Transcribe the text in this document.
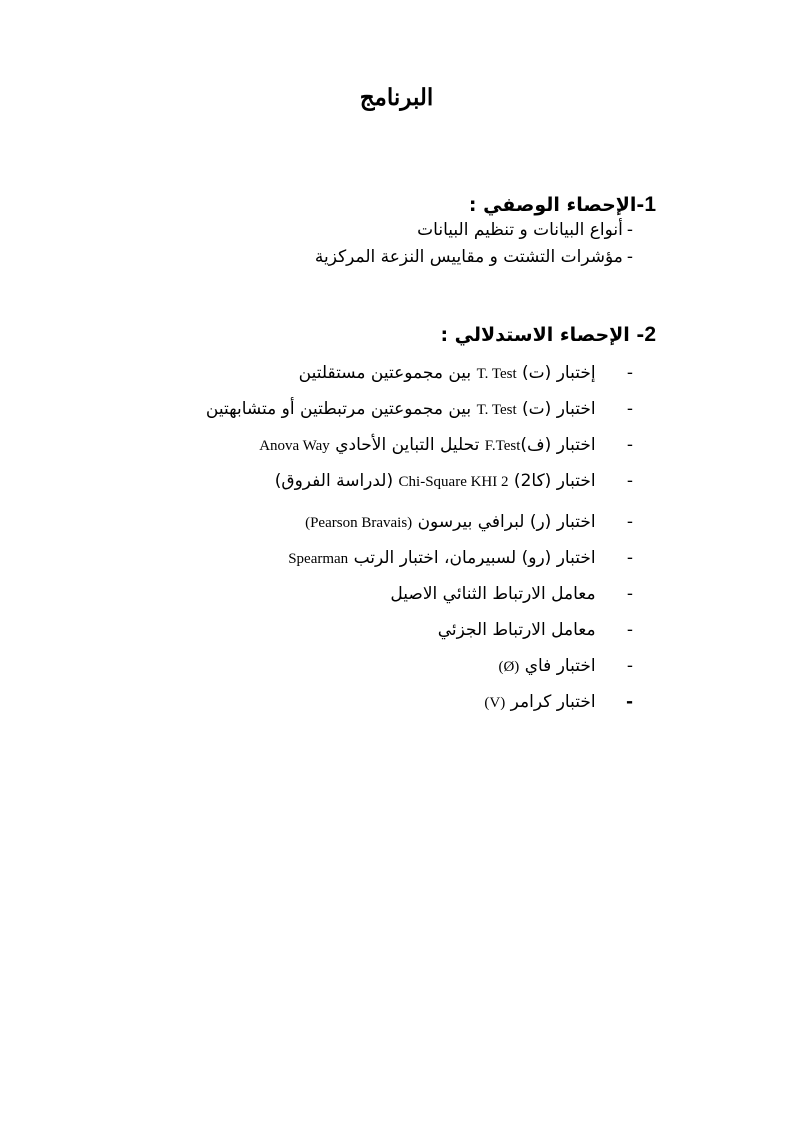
البرنامج
1-الإحصاء الوصفي :
-أنواع البيانات و تنظيم البيانات
-مؤشرات التشتت و مقاييس النزعة المركزية
2- الإحصاء الاستدلالي :
- إختبار (ت) T. Test بين مجموعتين مستقلتين
- اختبار (ت) T. Test بين مجموعتين مرتبطتين أو متشابهتين
- اختبار (ف)F.Test تحليل التباين الأحادي Anova Way
- اختبار (كا2) Chi-Square KHI 2 (لدراسة الفروق)
- اختبار (ر) لبرافي بيرسون (Pearson Bravais)
- اختبار (رو) لسبيرمان، اختبار الرتب Spearman
- معامل الارتباط الثنائي الاصيل
- معامل الارتباط الجزئي
- اختبار فاي (Ø)
- اختبار كرامر (V)
